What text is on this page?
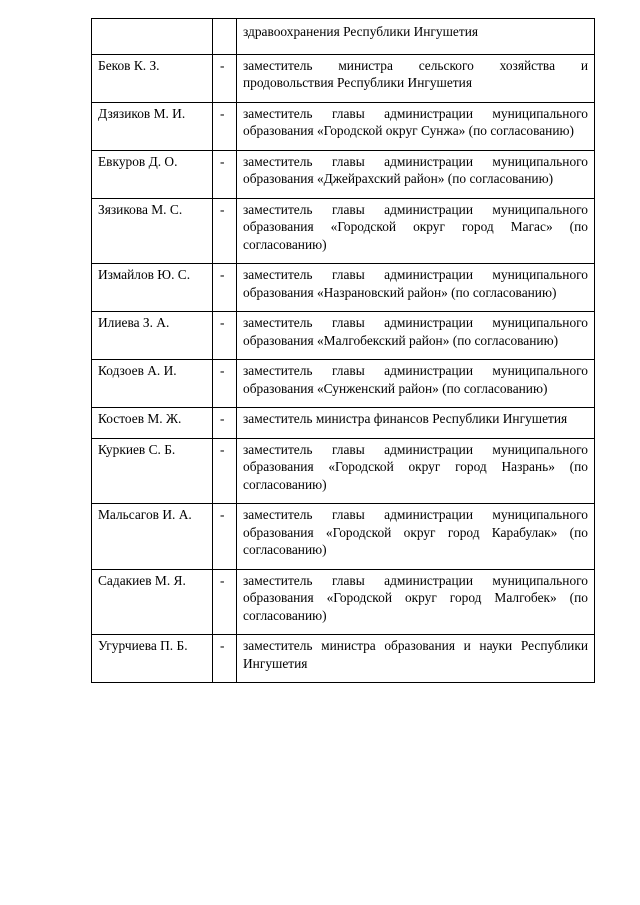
		здравоохранения Республики Ингушетия
Беков К. З.	-	заместитель министра сельского хозяйства и продовольствия Республики Ингушетия
Дзязиков М. И.	-	заместитель главы администрации муниципального образования «Городской округ Сунжа» (по согласованию)
Евкуров Д. О.	-	заместитель главы администрации муниципального образования «Джейрахский район» (по согласованию)
Зязикова М. С.	-	заместитель главы администрации муниципального образования «Городской округ город Магас» (по согласованию)
Измайлов Ю. С.	-	заместитель главы администрации муниципального образования «Назрановский район» (по согласованию)
Илиева З. А.	-	заместитель главы администрации муниципального образования «Малгобекский район» (по согласованию)
Кодзоев А. И.	-	заместитель главы администрации муниципального образования «Сунженский район» (по согласованию)
Костоев М. Ж.	-	заместитель министра финансов Республики Ингушетия
Куркиев С. Б.	-	заместитель главы администрации муниципального образования «Городской округ город Назрань» (по согласованию)
Мальсагов И. А.	-	заместитель главы администрации муниципального образования «Городской округ город Карабулак» (по согласованию)
Садакиев М. Я.	-	заместитель главы администрации муниципального образования «Городской округ город Малгобек» (по согласованию)
Угурчиева П. Б.	-	заместитель министра образования и науки Республики Ингушетия
